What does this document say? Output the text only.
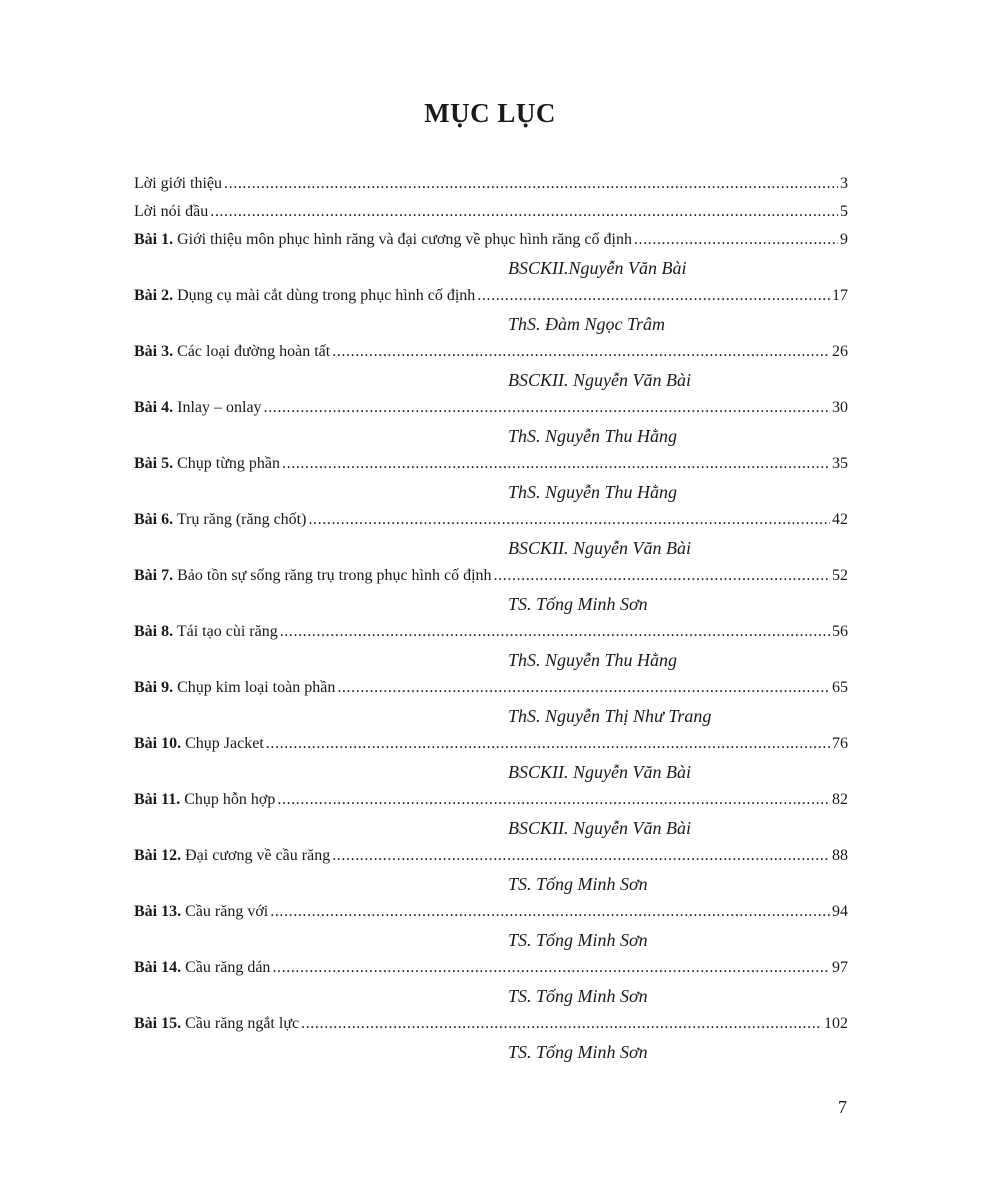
MỤC LỤC
Lời giới thiệu .....	3
Lời nói đầu .....	5
Bài 1. Giới thiệu môn phục hình răng và đại cương về phục hình răng cố định .....	9
BSCKII.Nguyễn Văn Bài
Bài 2. Dụng cụ mài cắt dùng trong phục hình cố định .....	17
ThS. Đàm Ngọc Trâm
Bài 3. Các loại đường hoàn tất .....	26
BSCKII. Nguyễn Văn Bài
Bài 4. Inlay – onlay .....	30
ThS. Nguyễn Thu Hằng
Bài 5. Chụp từng phần .....	35
ThS. Nguyễn Thu Hằng
Bài 6. Trụ răng (răng chốt) .....	42
BSCKII. Nguyễn Văn Bài
Bài 7. Bảo tồn sự sống răng trụ trong phục hình cố định .....	52
TS. Tống Minh Sơn
Bài 8. Tái tạo cùi răng .....	56
ThS. Nguyễn Thu Hằng
Bài 9. Chụp kim loại toàn phần .....	65
ThS. Nguyễn Thị Như Trang
Bài 10. Chụp Jacket .....	76
BSCKII. Nguyễn Văn Bài
Bài 11. Chụp hỗn hợp .....	82
BSCKII. Nguyễn Văn Bài
Bài 12. Đại cương về cầu răng .....	88
TS. Tống Minh Sơn
Bài 13. Cầu răng với .....	94
TS. Tống Minh Sơn
Bài 14. Cầu răng dán .....	97
TS. Tống Minh Sơn
Bài 15. Cầu răng ngắt lực .....	102
TS. Tống Minh Sơn
7
